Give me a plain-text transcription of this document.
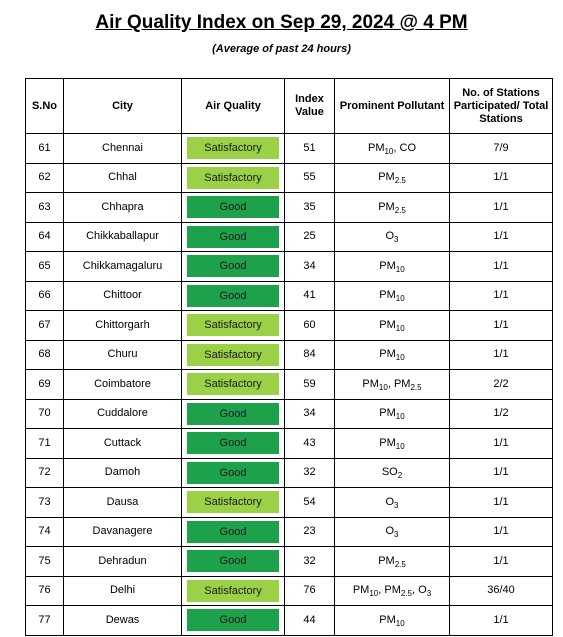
Air Quality Index on Sep 29, 2024 @ 4 PM
(Average of past 24 hours)
S.No	City	Air Quality	Index Value	Prominent Pollutant	No. of Stations Participated/ Total Stations
61	Chennai	Satisfactory	51	$PM_{10}$, CO	7/9
62	Chhal	Satisfactory	55	$PM_{2.5}$	1/1
63	Chhapra	Good	35	$PM_{2.5}$	1/1
64	Chikkaballapur	Good	25	$O_3$	1/1
65	Chikkamagaluru	Good	34	$PM_{10}$	1/1
66	Chittoor	Good	41	$PM_{10}$	1/1
67	Chittorgarh	Satisfactory	60	$PM_{10}$	1/1
68	Churu	Satisfactory	84	$PM_{10}$	1/1
69	Coimbatore	Satisfactory	59	$PM_{10}$, $PM_{2.5}$	2/2
70	Cuddalore	Good	34	$PM_{10}$	1/2
71	Cuttack	Good	43	$PM_{10}$	1/1
72	Damoh	Good	32	$SO_2$	1/1
73	Dausa	Satisfactory	54	$O_3$	1/1
74	Davanagere	Good	23	$O_3$	1/1
75	Dehradun	Good	32	$PM_{2.5}$	1/1
76	Delhi	Satisfactory	76	$PM_{10}$, $PM_{2.5}$, $O_3$	36/40
77	Dewas	Good	44	$PM_{10}$	1/1
